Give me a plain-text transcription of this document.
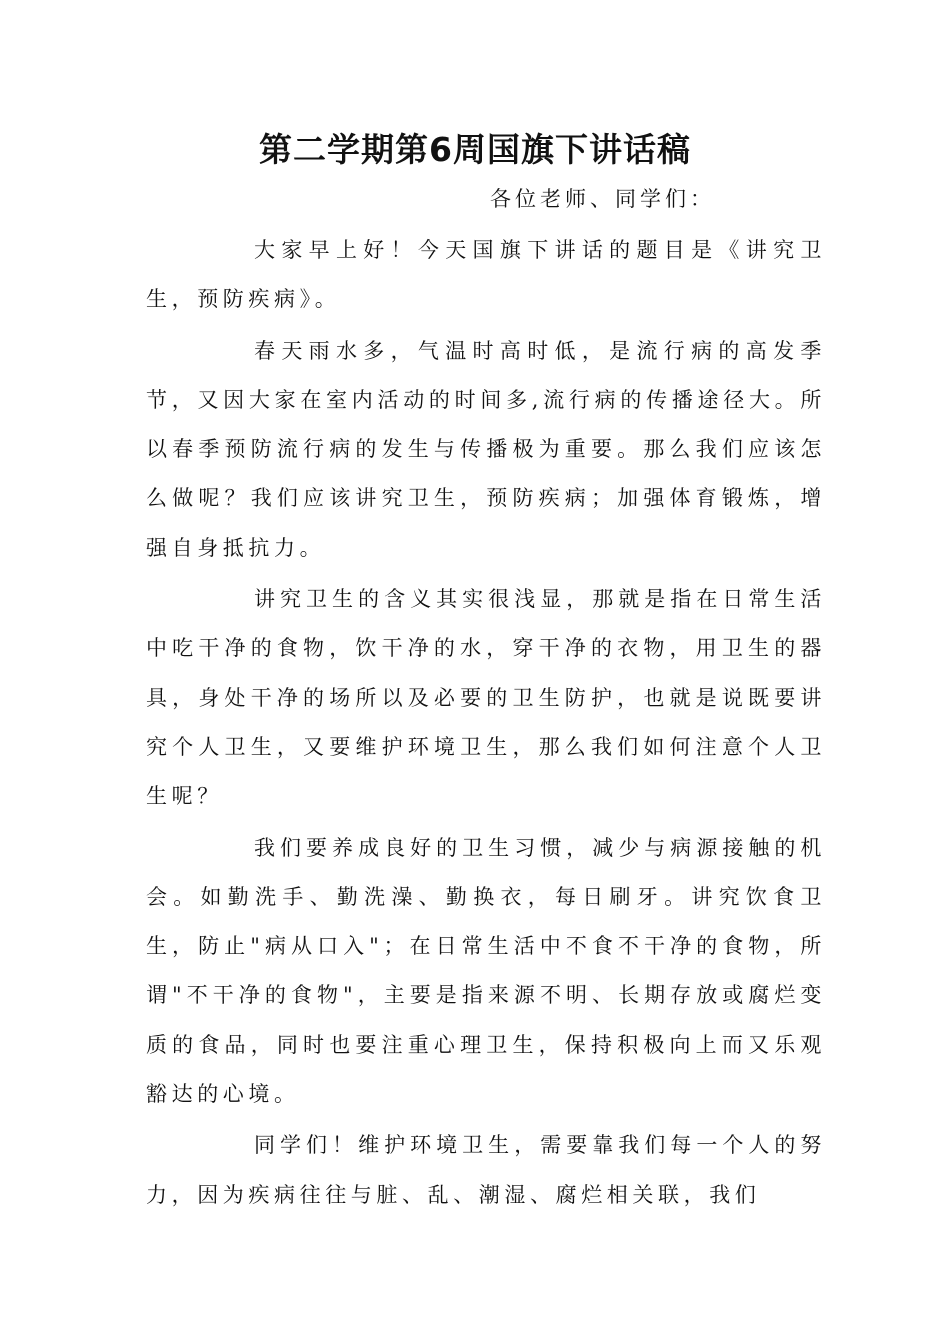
第二学期第6周国旗下讲话稿

各位老师、同学们：

大家早上好！今天国旗下讲话的题目是《讲究卫生，预防疾病》。

春天雨水多，气温时高时低，是流行病的高发季节，又因大家在室内活动的时间多,流行病的传播途径大。所以春季预防流行病的发生与传播极为重要。那么我们应该怎么做呢？我们应该讲究卫生，预防疾病；加强体育锻炼，增强自身抵抗力。

讲究卫生的含义其实很浅显，那就是指在日常生活中吃干净的食物，饮干净的水，穿干净的衣物，用卫生的器具，身处干净的场所以及必要的卫生防护，也就是说既要讲究个人卫生，又要维护环境卫生，那么我们如何注意个人卫生呢？

我们要养成良好的卫生习惯，减少与病源接触的机会。如勤洗手、勤洗澡、勤换衣，每日刷牙。讲究饮食卫生，防止"病从口入"；在日常生活中不食不干净的食物，所谓"不干净的食物"，主要是指来源不明、长期存放或腐烂变质的食品，同时也要注重心理卫生，保持积极向上而又乐观豁达的心境。

同学们！维护环境卫生，需要靠我们每一个人的努力，因为疾病往往与脏、乱、潮湿、腐烂相关联，我们
